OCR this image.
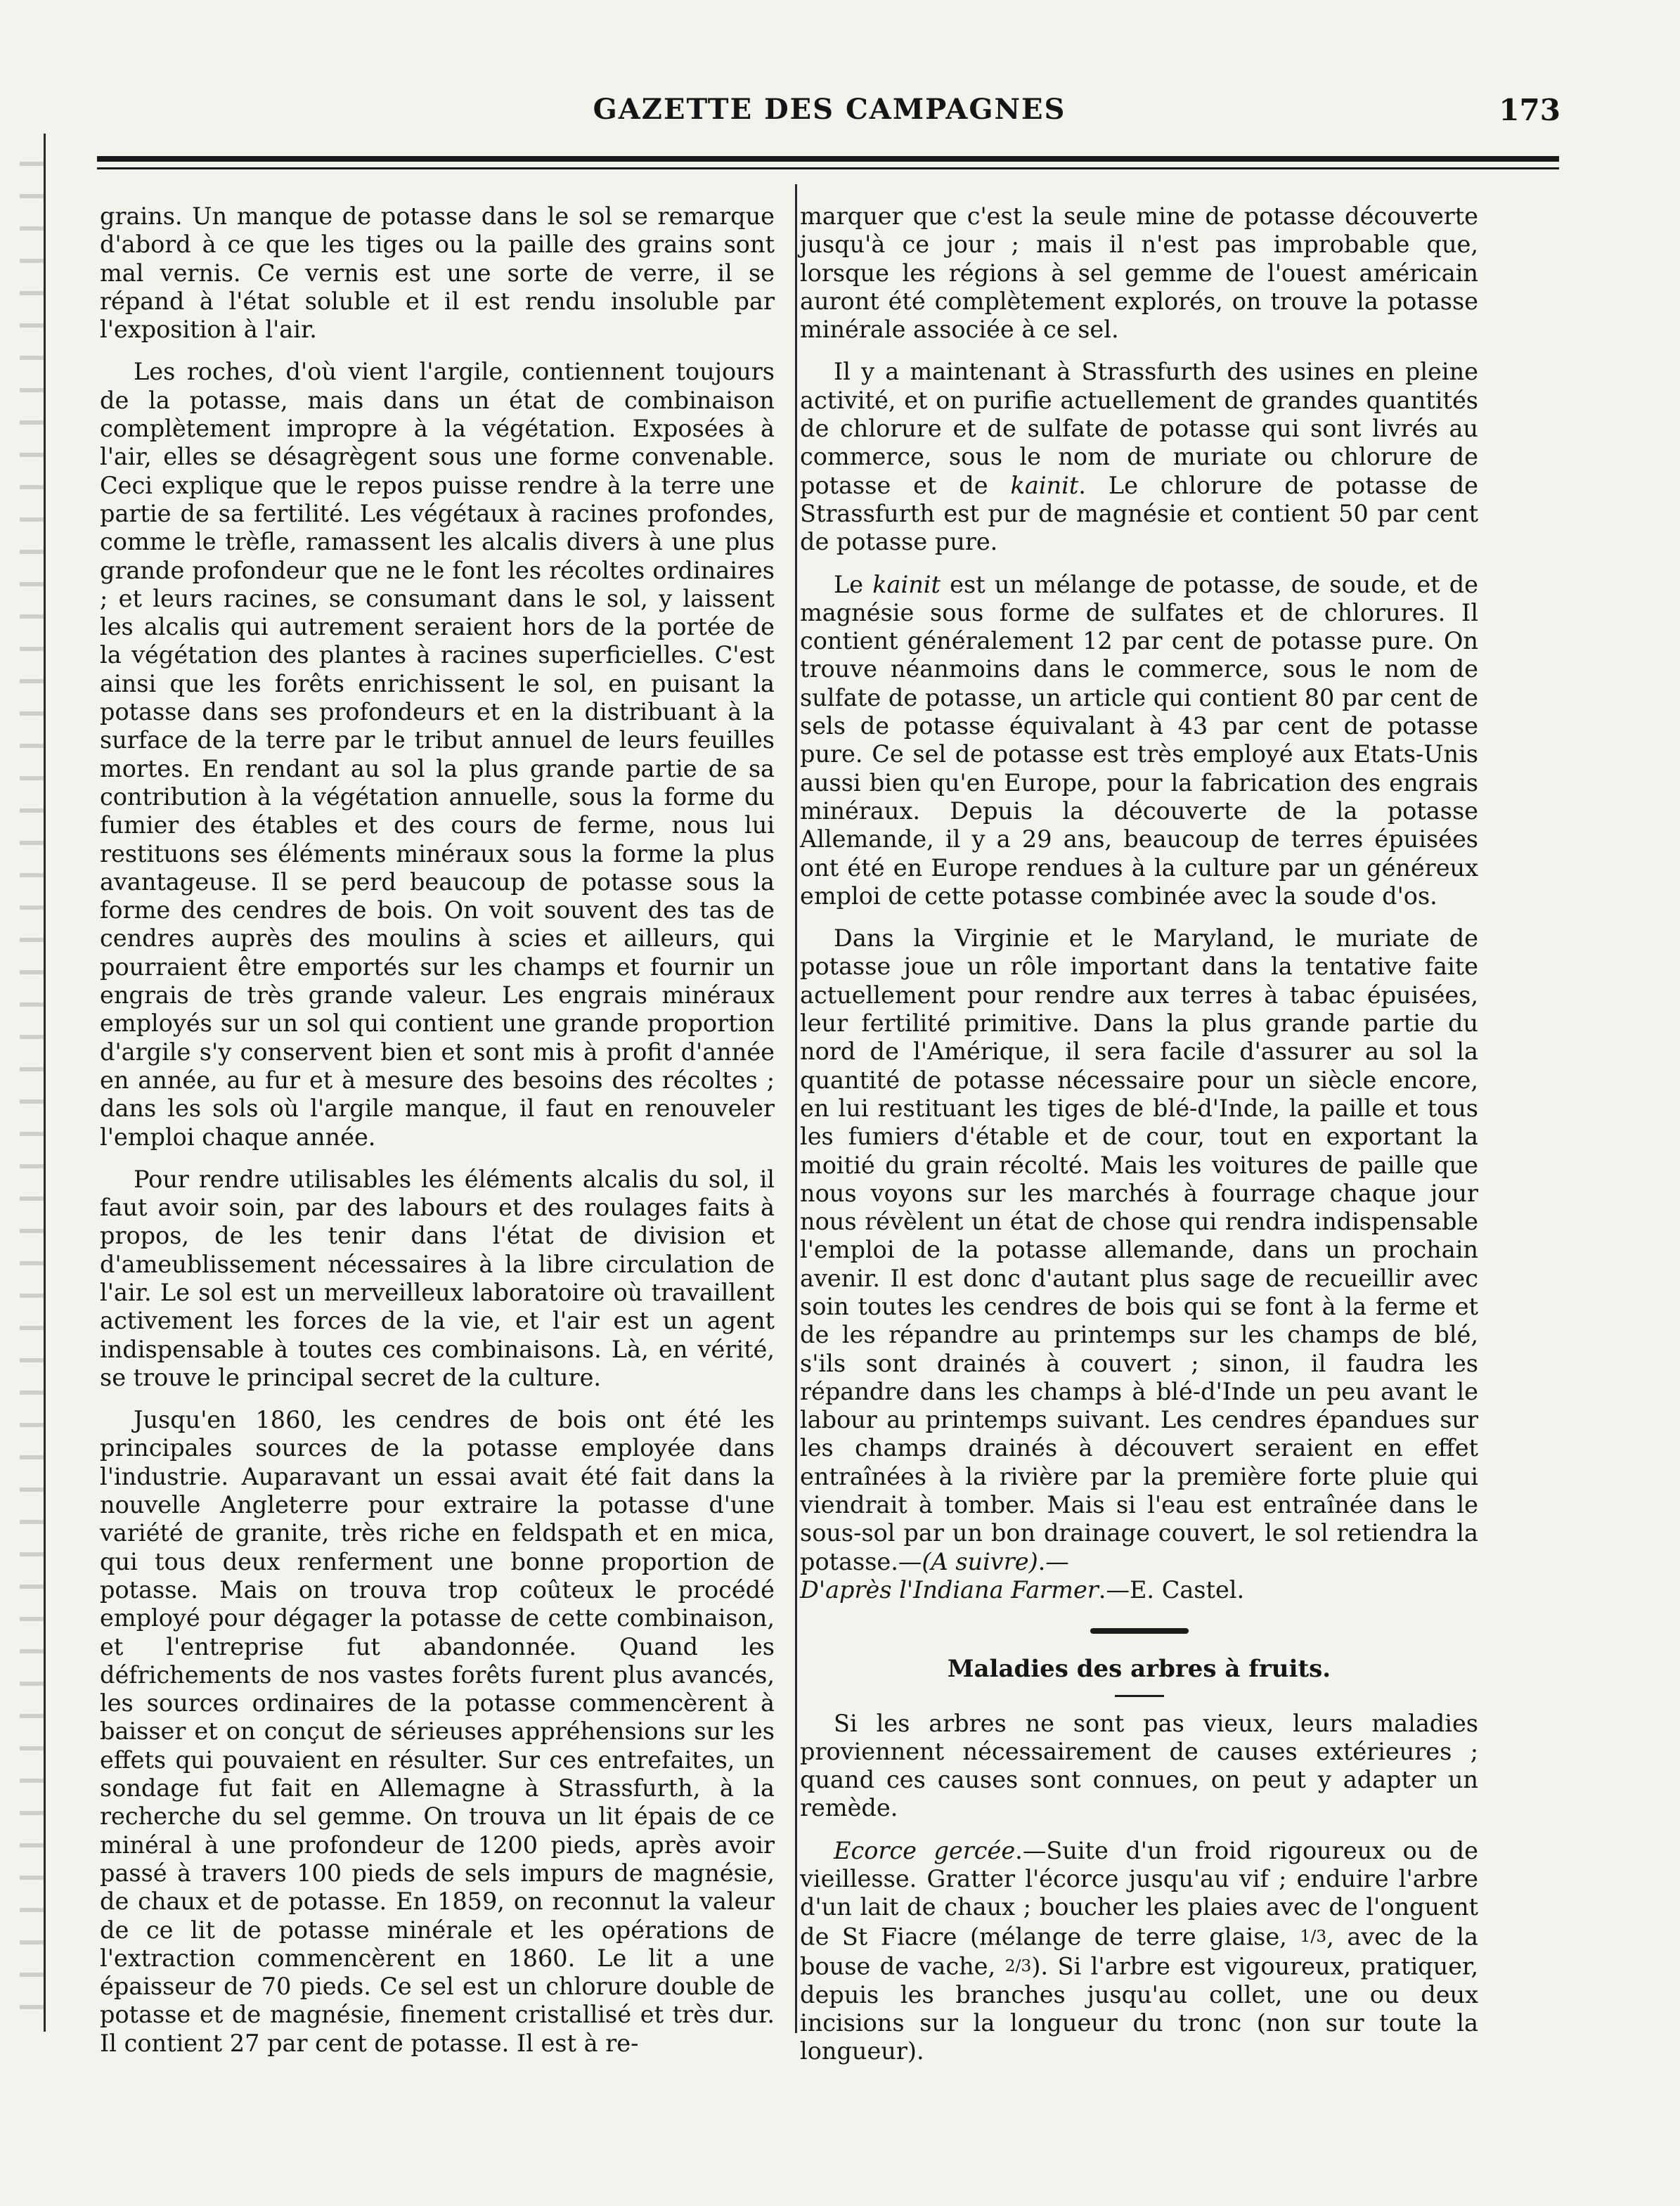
GAZETTE DES CAMPAGNES	173

grains. Un manque de potasse dans le sol se remarque d'abord à ce que les tiges ou la paille des grains sont mal vernis. Ce vernis est une sorte de verre, il se répand à l'état soluble et il est rendu insoluble par l'exposition à l'air.

Les roches, d'où vient l'argile, contiennent toujours de la potasse, mais dans un état de combinaison complètement impropre à la végétation. Exposées à l'air, elles se désagrègent sous une forme convenable. Ceci explique que le repos puisse rendre à la terre une partie de sa fertilité. Les végétaux à racines profondes, comme le trèfle, ramassent les alcalis divers à une plus grande profondeur que ne le font les récoltes ordinaires ; et leurs racines, se consumant dans le sol, y laissent les alcalis qui autrement seraient hors de la portée de la végétation des plantes à racines superficielles. C'est ainsi que les forêts enrichissent le sol, en puisant la potasse dans ses profondeurs et en la distribuant à la surface de la terre par le tribut annuel de leurs feuilles mortes. En rendant au sol la plus grande partie de sa contribution à la végétation annuelle, sous la forme du fumier des étables et des cours de ferme, nous lui restituons ses éléments minéraux sous la forme la plus avantageuse. Il se perd beaucoup de potasse sous la forme des cendres de bois. On voit souvent des tas de cendres auprès des moulins à scies et ailleurs, qui pourraient être emportés sur les champs et fournir un engrais de très grande valeur. Les engrais minéraux employés sur un sol qui contient une grande proportion d'argile s'y conservent bien et sont mis à profit d'année en année, au fur et à mesure des besoins des récoltes ; dans les sols où l'argile manque, il faut en renouveler l'emploi chaque année.

Pour rendre utilisables les éléments alcalis du sol, il faut avoir soin, par des labours et des roulages faits à propos, de les tenir dans l'état de division et d'ameublissement nécessaires à la libre circulation de l'air. Le sol est un merveilleux laboratoire où travaillent activement les forces de la vie, et l'air est un agent indispensable à toutes ces combinaisons. Là, en vérité, se trouve le principal secret de la culture.

Jusqu'en 1860, les cendres de bois ont été les principales sources de la potasse employée dans l'industrie. Auparavant un essai avait été fait dans la nouvelle Angleterre pour extraire la potasse d'une variété de granite, très riche en feldspath et en mica, qui tous deux renferment une bonne proportion de potasse. Mais on trouva trop coûteux le procédé employé pour dégager la potasse de cette combinaison, et l'entreprise fut abandonnée. Quand les défrichements de nos vastes forêts furent plus avancés, les sources ordinaires de la potasse commencèrent à baisser et on conçut de sérieuses appréhensions sur les effets qui pouvaient en résulter. Sur ces entrefaites, un sondage fut fait en Allemagne à Strassfurth, à la recherche du sel gemme. On trouva un lit épais de ce minéral à une profondeur de 1200 pieds, après avoir passé à travers 100 pieds de sels impurs de magnésie, de chaux et de potasse. En 1859, on reconnut la valeur de ce lit de potasse minérale et les opérations de l'extraction commencèrent en 1860. Le lit a une épaisseur de 70 pieds. Ce sel est un chlorure double de potasse et de magnésie, finement cristallisé et très dur. Il contient 27 par cent de potasse. Il est à re-

marquer que c'est la seule mine de potasse découverte jusqu'à ce jour ; mais il n'est pas improbable que, lorsque les régions à sel gemme de l'ouest américain auront été complètement explorés, on trouve la potasse minérale associée à ce sel.

Il y a maintenant à Strassfurth des usines en pleine activité, et on purifie actuellement de grandes quantités de chlorure et de sulfate de potasse qui sont livrés au commerce, sous le nom de muriate ou chlorure de potasse et de kainit. Le chlorure de potasse de Strassfurth est pur de magnésie et contient 50 par cent de potasse pure.

Le kainit est un mélange de potasse, de soude, et de magnésie sous forme de sulfates et de chlorures. Il contient généralement 12 par cent de potasse pure. On trouve néanmoins dans le commerce, sous le nom de sulfate de potasse, un article qui contient 80 par cent de sels de potasse équivalant à 43 par cent de potasse pure. Ce sel de potasse est très employé aux Etats-Unis aussi bien qu'en Europe, pour la fabrication des engrais minéraux. Depuis la découverte de la potasse Allemande, il y a 29 ans, beaucoup de terres épuisées ont été en Europe rendues à la culture par un généreux emploi de cette potasse combinée avec la soude d'os.

Dans la Virginie et le Maryland, le muriate de potasse joue un rôle important dans la tentative faite actuellement pour rendre aux terres à tabac épuisées, leur fertilité primitive. Dans la plus grande partie du nord de l'Amérique, il sera facile d'assurer au sol la quantité de potasse nécessaire pour un siècle encore, en lui restituant les tiges de blé-d'Inde, la paille et tous les fumiers d'étable et de cour, tout en exportant la moitié du grain récolté. Mais les voitures de paille que nous voyons sur les marchés à fourrage chaque jour nous révèlent un état de chose qui rendra indispensable l'emploi de la potasse allemande, dans un prochain avenir. Il est donc d'autant plus sage de recueillir avec soin toutes les cendres de bois qui se font à la ferme et de les répandre au printemps sur les champs de blé, s'ils sont drainés à couvert ; sinon, il faudra les répandre dans les champs à blé-d'Inde un peu avant le labour au printemps suivant. Les cendres épandues sur les champs drainés à découvert seraient en effet entraînées à la rivière par la première forte pluie qui viendrait à tomber. Mais si l'eau est entraînée dans le sous-sol par un bon drainage couvert, le sol retiendra la potasse.—(A suivre).—
D'après l'Indiana Farmer.—E. Castel.

Maladies des arbres à fruits.

Si les arbres ne sont pas vieux, leurs maladies proviennent nécessairement de causes extérieures ; quand ces causes sont connues, on peut y adapter un remède.

Ecorce gercée.—Suite d'un froid rigoureux ou de vieillesse. Gratter l'écorce jusqu'au vif ; enduire l'arbre d'un lait de chaux ; boucher les plaies avec de l'onguent de St Fiacre (mélange de terre glaise, 1/3, avec de la bouse de vache, 2/3). Si l'arbre est vigoureux, pratiquer, depuis les branches jusqu'au collet, une ou deux incisions sur la longueur du tronc (non sur toute la longueur).
